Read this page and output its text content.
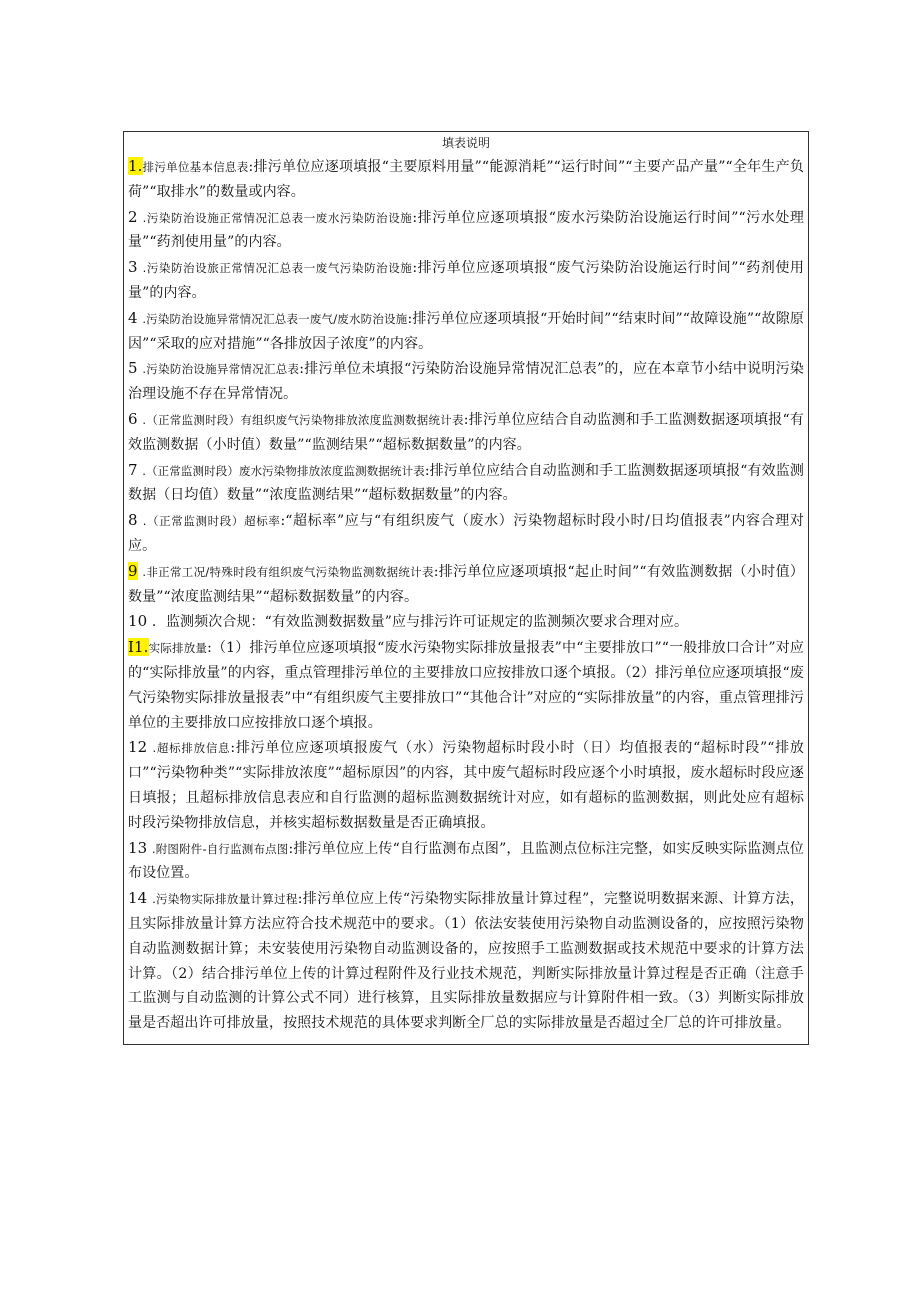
填表说明

1.排污单位基本信息表:排污单位应逐项填报“主要原料用量”“能源消耗”“运行时间”“主要产品产量”“全年生产负荷”“取排水”的数量或内容。

2 .污染防治设施正常情况汇总表一废水污染防治设施:排污单位应逐项填报“废水污染防治设施运行时间”“污水处理量”“药剂使用量”的内容。

3 .污染防治设旅正常情况汇总表一废气污染防治设施:排污单位应逐项填报“废气污染防治设施运行时间”“药剂使用量”的内容。

4 .污染防治设施异常情况汇总表一废气/废水防治设施:排污单位应逐项填报“开始时间”“结束时间”“故障设施”“故隙原因”“采取的应对措施”“各排放因子浓度”的内容。

5 .污染防治设施异常情况汇总表:排污单位未填报“污染防治设施异常情况汇总表”的，应在本章节小结中说明污染治理设施不存在异常情况。

6 .（正常监测时段）有组织废气污染物排放浓度监测数据统计表:排污单位应结合自动监测和手工监测数据逐项填报“有效监测数据（小时值）数量”“监测结果”“超标数据数量”的内容。

7 .（正常监测时段）废水污染物排放浓度监测数据统计表:排污单位应结合自动监测和手工监测数据逐项填报“有效监测数据（日均值）数量”“浓度监测结果”“超标数据数量”的内容。

8 .（正常监测时段）超标率:“超标率”应与“有组织废气（废水）污染物超标时段小时/日均值报表”内容合理对应。

9 .非正常工况/特殊时段有组织废气污染物监测数据统计表:排污单位应逐项填报“起止时间”“有效监测数据（小时值）数量”“浓度监测结果”“超标数据数量”的内容。

10 ．监测频次合规：“有效监测数据数量”应与排污许可证规定的监测频次要求合理对应。

I1.实际排放量:（1）排污单位应逐项填报“废水污染物实际排放量报表”中“主要排放口”“一般排放口合计”对应的“实际排放量”的内容，重点管理排污单位的主要排放口应按排放口逐个填报。（2）排污单位应逐项填报“废气污染物实际排放量报表”中“有组织废气主要排放口”“其他合计”对应的“实际排放量”的内容，重点管理排污单位的主要排放口应按排放口逐个填报。

12 .超标排放信息:排污单位应逐项填报废气（水）污染物超标时段小时（日）均值报表的“超标时段”“排放口”“污染物种类”“实际排放浓度”“超标原因”的内容，其中废气超标时段应逐个小时填报，废水超标时段应逐日填报；且超标排放信息表应和自行监测的超标监测数据统计对应，如有超标的监测数据，则此处应有超标时段污染物排放信息，并核实超标数据数量是否正确填报。

13 .附图附件-自行监测布点图:排污单位应上传“自行监测布点图”，且监测点位标注完整，如实反映实际监测点位布设位置。

14 .污染物实际排放量计算过程:排污单位应上传“污染物实际排放量计算过程”，完整说明数据来源、计算方法，且实际排放量计算方法应符合技术规范中的要求。（1）依法安装使用污染物自动监测设备的，应按照污染物自动监测数据计算；未安装使用污染物自动监测设备的，应按照手工监测数据或技术规范中要求的计算方法计算。（2）结合排污单位上传的计算过程附件及行业技术规范，判断实际排放量计算过程是否正确（注意手工监测与自动监测的计算公式不同）进行核算，且实际排放量数据应与计算附件相一致。（3）判断实际排放量是否超出许可排放量，按照技术规范的具体要求判断全厂总的实际排放量是否超过全厂总的许可排放量。
